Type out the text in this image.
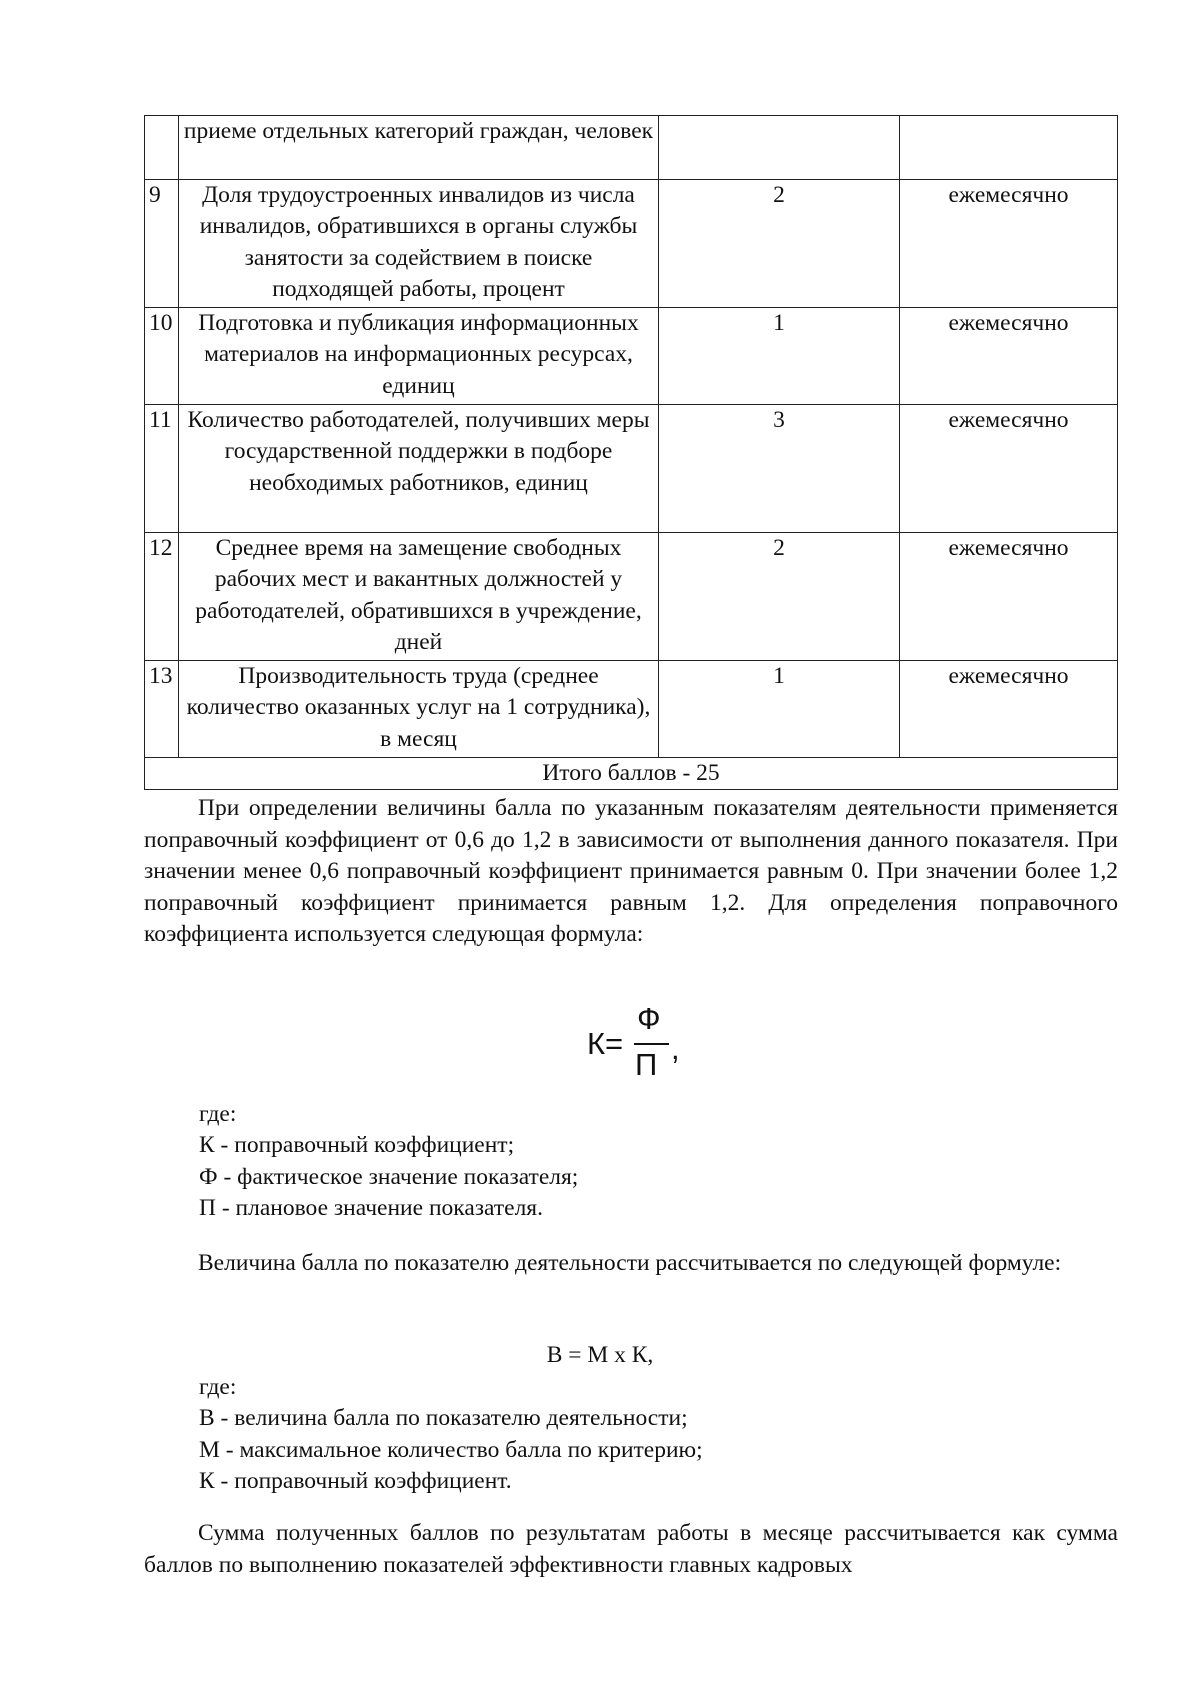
	приеме отдельных категорий граждан, человек		
9	Доля трудоустроенных инвалидов из числа инвалидов, обратившихся в органы службы занятости за содействием в поиске подходящей работы, процент	2	ежемесячно
10	Подготовка и публикация информационных материалов на информационных ресурсах, единиц	1	ежемесячно
11	Количество работодателей, получивших меры государственной поддержки в подборе необходимых работников, единиц	3	ежемесячно
12	Среднее время на замещение свободных рабочих мест и вакантных должностей у работодателей, обратившихся в учреждение, дней	2	ежемесячно
13	Производительность труда (среднее количество оказанных услуг на 1 сотрудника), в месяц	1	ежемесячно
Итого баллов - 25			
При определении величины балла по указанным показателям деятельности применяется поправочный коэффициент от 0,6 до 1,2 в зависимости от выполнения данного показателя. При значении менее 0,6 поправочный коэффициент принимается равным 0. При значении более 1,2 поправочный коэффициент принимается равным 1,2. Для определения поправочного коэффициента используется следующая формула:
К=
Ф
П ,
где:
К - поправочный коэффициент;
Ф - фактическое значение показателя;
П - плановое значение показателя.
Величина балла по показателю деятельности рассчитывается по следующей формуле:
В = М х К,
где:
В - величина балла по показателю деятельности;
М - максимальное количество балла по критерию;
К - поправочный коэффициент.
Сумма полученных баллов по результатам работы в месяце рассчитывается как сумма баллов по выполнению показателей эффективности главных кадровых
